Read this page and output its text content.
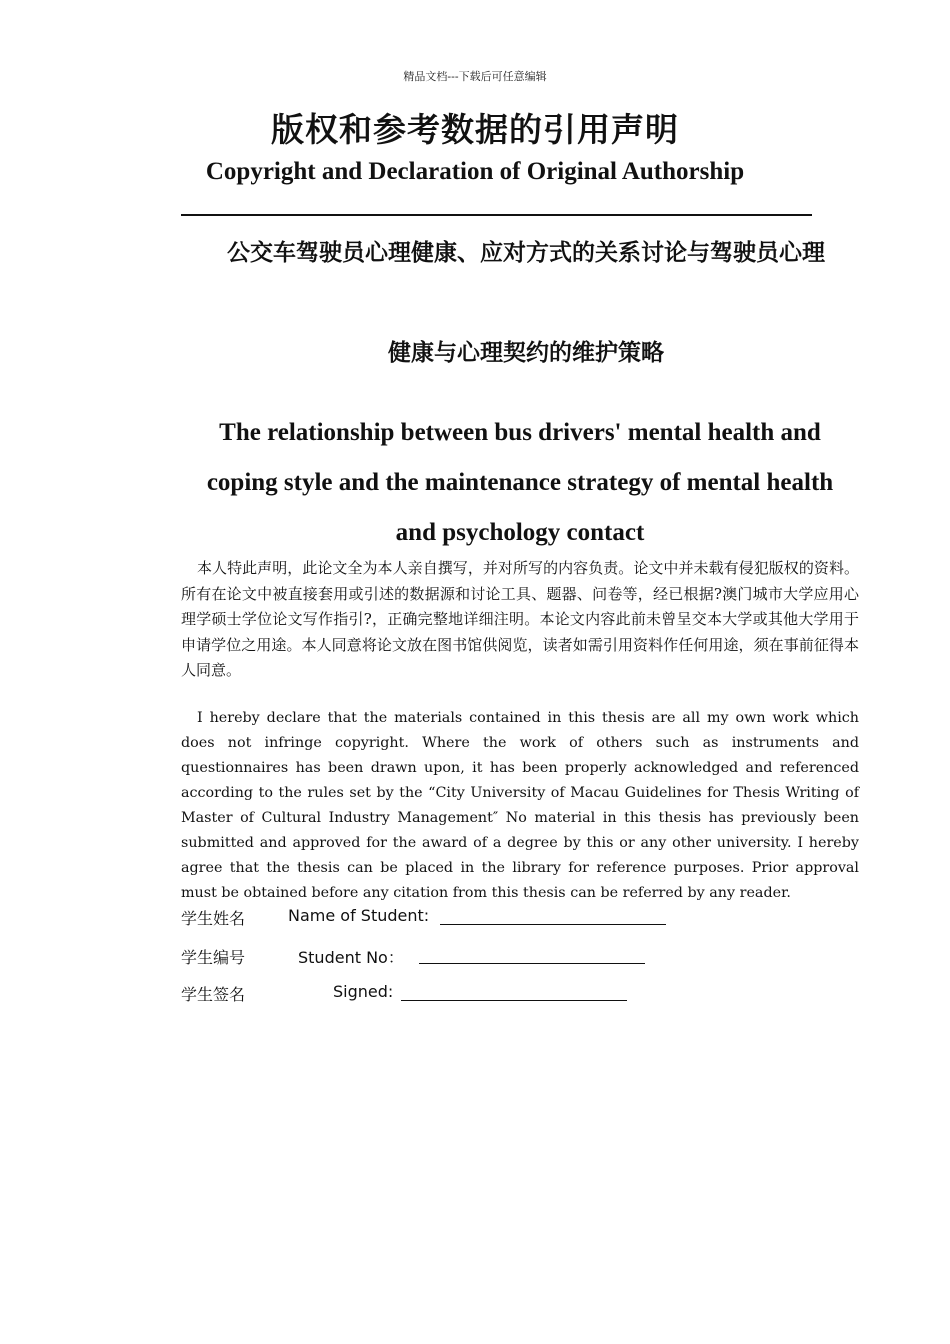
精品文档---下载后可任意编辑
版权和参考数据的引用声明
Copyright and Declaration of Original Authorship
公交车驾驶员心理健康、应对方式的关系讨论与驾驶员心理
健康与心理契约的维护策略
The relationship between bus drivers' mental health and
coping style and the maintenance strategy of mental health
and psychology contact
本人特此声明，此论文全为本人亲自撰写，并对所写的内容负责。论文中并未载有侵犯版权的资料。所有在论文中被直接套用或引述的数据源和讨论工具、题器、问卷等，经已根据?澳门城市大学应用心理学硕士学位论文写作指引?，正确完整地详细注明。本论文内容此前未曾呈交本大学或其他大学用于申请学位之用途。本人同意将论文放在图书馆供阅览，读者如需引用资料作任何用途，须在事前征得本人同意。
I hereby declare that the materials contained in this thesis are all my own work which does not infringe copyright. Where the work of others such as instruments and questionnaires has been drawn upon, it has been properly acknowledged and referenced according to the rules set by the “City University of Macau Guidelines for Thesis Writing of Master of Cultural Industry Management″ No material in this thesis has previously been submitted and approved for the award of a degree by this or any other university. I hereby agree that the thesis can be placed in the library for reference purposes. Prior approval must be obtained before any citation from this thesis can be referred by any reader.
学生姓名	Name of Student:
学生编号	Student No：
学生签名	Signed:
